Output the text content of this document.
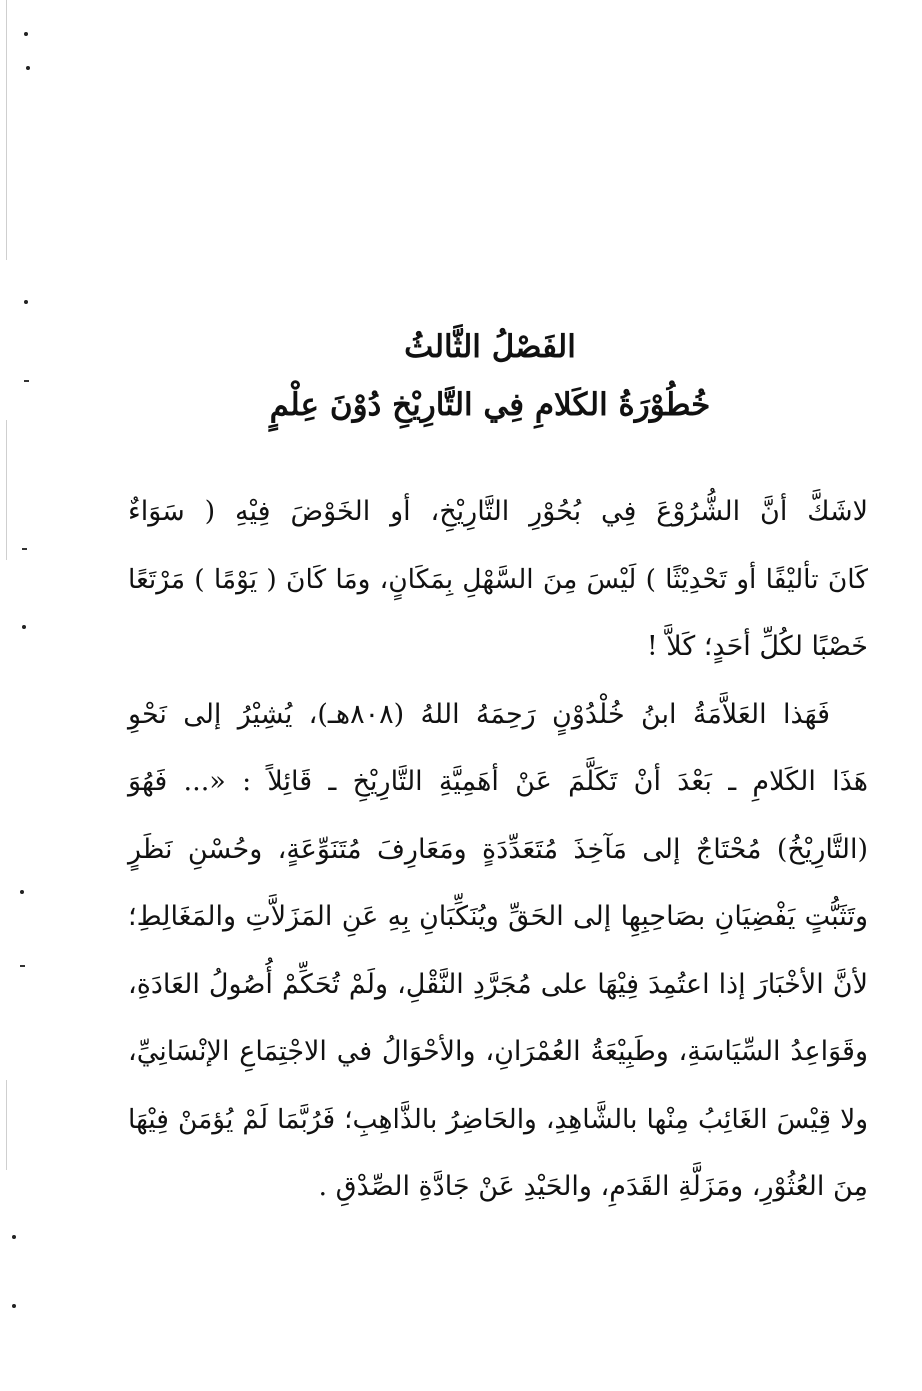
الفَصْلُ الثَّالثُ
خُطُوْرَةُ الكَلامِ فِي التَّارِيْخِ دُوْنَ عِلْمٍ
لاشَكَّ أنَّ الشُّرُوْعَ فِي بُحُوْرِ التَّارِيْخِ، أو الخَوْضَ فِيْهِ ( سَوَاءٌ
كَانَ تأليْفًا أو تَحْدِيْثًا ) لَيْسَ مِنَ السَّهْلِ بِمَكَانٍ، ومَا كَانَ ( يَوْمًا ) مَرْتَعًا
خَصْبًا لكُلِّ أحَدٍ؛ كَلاَّ !
فَهَذا العَلاَّمَةُ ابنُ خُلْدُوْنٍ رَحِمَهُ اللهُ (٨٠٨هـ)، يُشِيْرُ إلى نَحْوِ
هَذَا الكَلامِ ـ بَعْدَ أنْ تَكَلَّمَ عَنْ أهَمِيَّةِ التَّارِيْخِ ـ قَائِلاً : «... فَهُوَ
(التَّارِيْخُ) مُحْتَاجٌ إلى مَآخِذَ مُتَعَدِّدَةٍ ومَعَارِفَ مُتَنَوِّعَةٍ، وحُسْنِ نَظَرٍ
وتَثَبُّتٍ يَفْضِيَانِ بصَاحِبِهِا إلى الحَقِّ ويُنَكِّبَانِ بِهِ عَنِ المَزَلاَّتِ والمَغَالِطِ؛
لأنَّ الأخْبَارَ إذا اعتُمِدَ فِيْهَا على مُجَرَّدِ النَّقْلِ، ولَمْ تُحَكِّمْ أُصُولُ العَادَةِ،
وقَوَاعِدُ السِّيَاسَةِ، وطَبِيْعَةُ العُمْرَانِ، والأحْوَالُ في الاجْتِمَاعِ الإنْسَانِيِّ،
ولا قِيْسَ الغَائِبُ مِنْها بالشَّاهِدِ، والحَاضِرُ بالذَّاهِبِ؛ فَرُبَّمَا لَمْ يُؤمَنْ فِيْهَا
مِنَ العُثُوْرِ، ومَزَلَّةِ القَدَمِ، والحَيْدِ عَنْ جَادَّةِ الصِّدْقِ .
